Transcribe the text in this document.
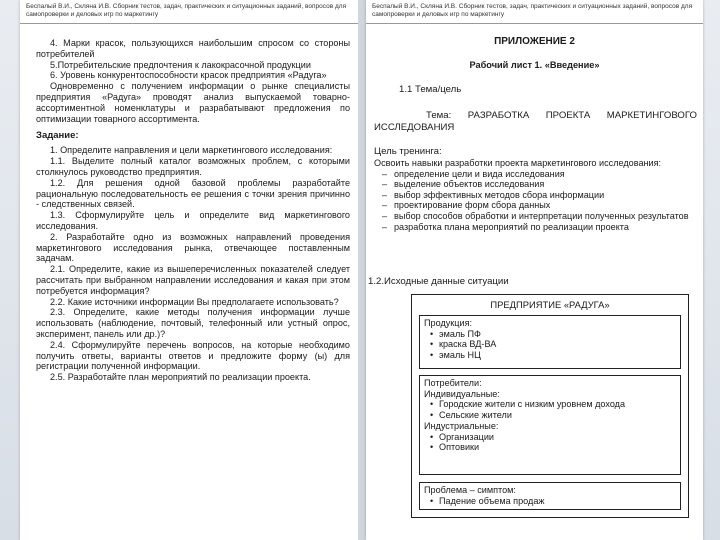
Беспалый В.И., Скляна И.В. Сборник тестов, задач, практических и ситуационных заданий, вопросов для самопроверки и деловых игр по маркетингу

4. Марки красок, пользующихся наибольшим спросом со стороны потребителей

5.Потребительские предпочтения к лакокрасочной продукции

6. Уровень конкурентоспособности красок предприятия «Радуга»

Одновременно с получением информации о рынке специалисты предприятия «Радуга» проводят анализ выпускаемой товарно-ассортиментной номенклатуры и разрабатывают предложения по оптимизации товарного ассортимента.

Задание:

1. Определите направления и цели маркетингового исследования:

1.1. Выделите полный каталог возможных проблем, с которыми столкнулось руководство предприятия.

1.2. Для решения одной базовой проблемы разработайте рациональную последовательность ее решения с точки зрения причинно - следственных связей.

1.3. Сформулируйте цель и определите вид маркетингового исследования.

2. Разработайте одно из возможных направлений проведения маркетингового исследования рынка, отвечающее поставленным задачам.

2.1. Определите, какие из вышеперечисленных показателей следует рассчитать при выбранном направлении исследования и какая при этом потребуется информация?

2.2. Какие источники информации Вы предполагаете использовать?

2.3. Определите, какие методы получения информации лучше использовать (наблюдение, почтовый, телефонный или устный опрос, эксперимент, панель или др.)?

2.4. Сформулируйте перечень вопросов, на которые необходимо получить ответы, варианты ответов и предложите форму (ы) для регистрации полученной информации.

2.5. Разработайте план мероприятий по реализации проекта.

Беспалый В.И., Скляна И.В. Сборник тестов, задач, практических и ситуационных заданий, вопросов для самопроверки и деловых игр по маркетингу
ПРИЛОЖЕНИЕ 2
Рабочий лист 1. «Введение»
1.1 Тема/цель
Тема: РАЗРАБОТКА ПРОЕКТА МАРКЕТИНГОВОГО
ИССЛЕДОВАНИЯ
Цель тренинга:

Освоить навыки разработки проекта маркетингового исследования:

– определение цели и вида исследования
– выделение объектов исследования
– выбор эффективных методов сбора информации
– проектирование форм сбора данных
– выбор способов обработки и интерпретации полученных результатов
– разработка плана мероприятий по реализации проекта
1.2.Исходные данные ситуации
ПРЕДПРИЯТИЕ «РАДУГА»
Продукция:
• эмаль ПФ
• краска ВД-ВА
• эмаль НЦ
Потребители:
Индивидуальные:
• Городские жители с низким уровнем дохода
• Сельские жители
Индустриальные:
• Организации
• Оптовики
Проблема – симптом:
• Падение объема продаж
